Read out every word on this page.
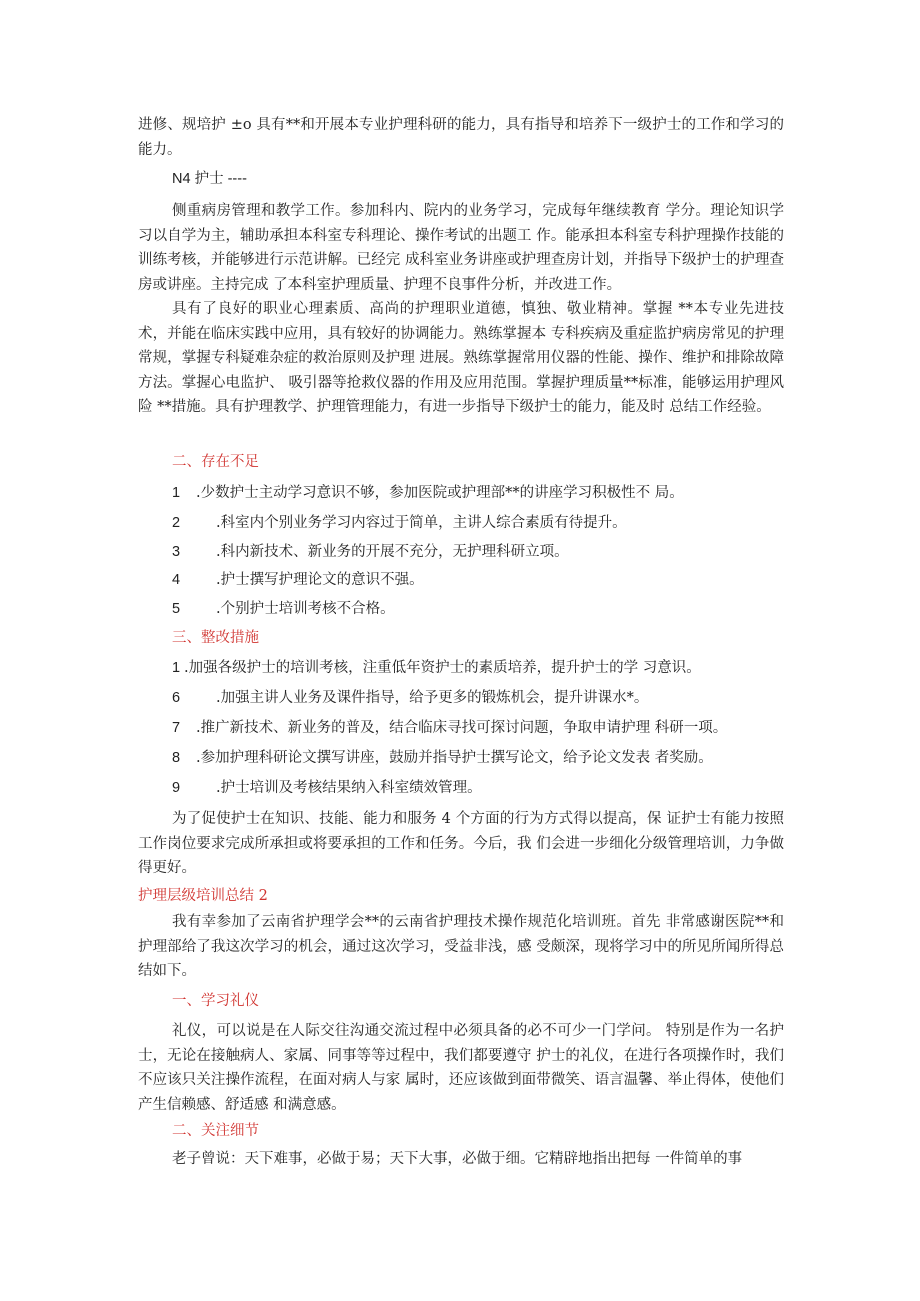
进修、规培护 ±o 具有**和开展本专业护理科研的能力，具有指导和培养下一级护士的工作和学习的能力。

N4 护士 ----

侧重病房管理和教学工作。参加科内、院内的业务学习，完成每年继续教育 学分。理论知识学习以自学为主，辅助承担本科室专科理论、操作考试的出题工 作。能承担本科室专科护理操作技能的训练考核，并能够进行示范讲解。已经完 成科室业务讲座或护理查房计划，并指导下级护士的护理查房或讲座。主持完成 了本科室护理质量、护理不良事件分析，并改进工作。

具有了良好的职业心理素质、高尚的护理职业道德，慎独、敬业精神。掌握 **本专业先进技术，并能在临床实践中应用，具有较好的协调能力。熟练掌握本 专科疾病及重症监护病房常见的护理常规，掌握专科疑难杂症的救治原则及护理 进展。熟练掌握常用仪器的性能、操作、维护和排除故障方法。掌握心电监护、 吸引器等抢救仪器的作用及应用范围。掌握护理质量**标准，能够运用护理风险 **措施。具有护理教学、护理管理能力，有进一步指导下级护士的能力，能及时 总结工作经验。

二、存在不足

1 .少数护士主动学习意识不够，参加医院或护理部**的讲座学习积极性不 局。

2 .科室内个别业务学习内容过于简单，主讲人综合素质有待提升。

3 .科内新技术、新业务的开展不充分，无护理科研立项。

4 .护士撰写护理论文的意识不强。

5 .个别护士培训考核不合格。

三、整改措施

1 .加强各级护士的培训考核，注重低年资护士的素质培养，提升护士的学 习意识。

6 .加强主讲人业务及课件指导，给予更多的锻炼机会，提升讲课水*。

7 .推广新技术、新业务的普及，结合临床寻找可探讨问题，争取申请护理 科研一项。

8 .参加护理科研论文撰写讲座，鼓励并指导护士撰写论文，给予论文发表 者奖励。

9 .护士培训及考核结果纳入科室绩效管理。

为了促使护士在知识、技能、能力和服务 4 个方面的行为方式得以提高，保 证护士有能力按照工作岗位要求完成所承担或将要承担的工作和任务。今后，我 们会进一步细化分级管理培训，力争做得更好。

护理层级培训总结 2

我有幸参加了云南省护理学会**的云南省护理技术操作规范化培训班。首先 非常感谢医院**和护理部给了我这次学习的机会，通过这次学习，受益非浅，感 受颇深，现将学习中的所见所闻所得总结如下。

一、学习礼仪

礼仪，可以说是在人际交往沟通交流过程中必须具备的必不可少一门学问。 特别是作为一名护士，无论在接触病人、家属、同事等等过程中，我们都要遵守 护士的礼仪，在进行各项操作时，我们不应该只关注操作流程，在面对病人与家 属时，还应该做到面带微笑、语言温馨、举止得体，使他们产生信赖感、舒适感 和满意感。

二、关注细节

老子曾说：天下难事，必做于易；天下大事，必做于细。它精辟地指出把每 一件简单的事
